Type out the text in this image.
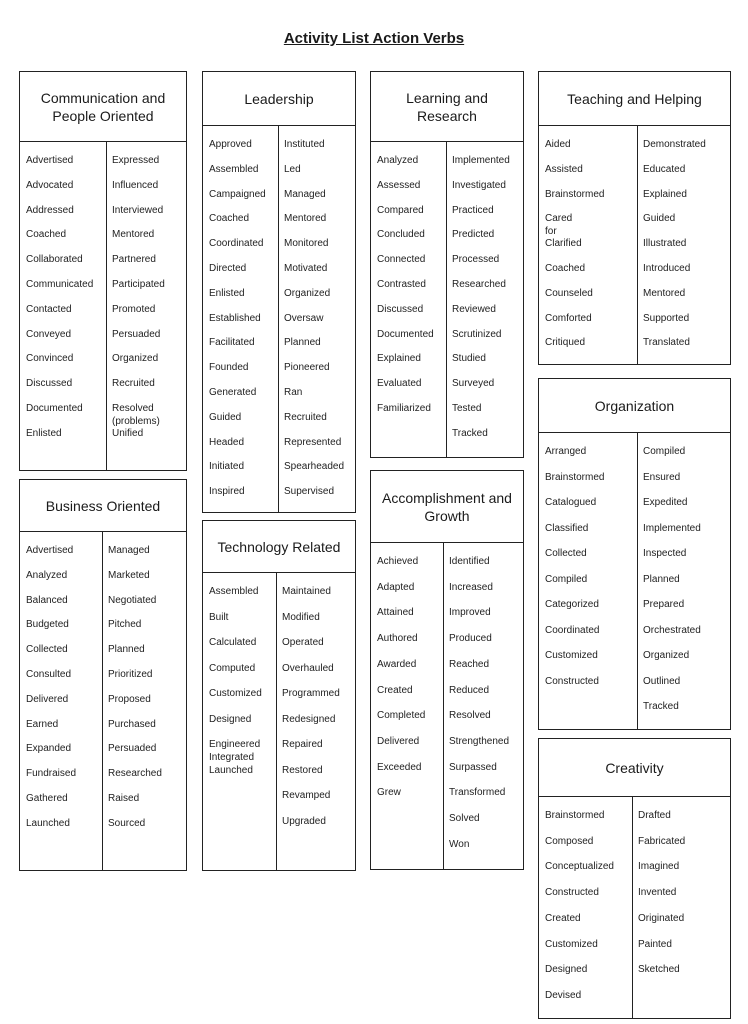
Activity List Action Verbs
Communication and
People Oriented
Advertised
Advocated
Addressed
Coached
Collaborated
Communicated
Contacted
Conveyed
Convinced
Discussed
Documented
Enlisted
Expressed
Influenced
Interviewed
Mentored
Partnered
Participated
Promoted
Persuaded
Organized
Recruited
Resolved
(problems)
Unified
Business Oriented
Advertised
Analyzed
Balanced
Budgeted
Collected
Consulted
Delivered
Earned
Expanded
Fundraised
Gathered
Launched
Managed
Marketed
Negotiated
Pitched
Planned
Prioritized
Proposed
Purchased
Persuaded
Researched
Raised
Sourced
Leadership
Approved
Assembled
Campaigned
Coached
Coordinated
Directed
Enlisted
Established
Facilitated
Founded
Generated
Guided
Headed
Initiated
Inspired
Instituted
Led
Managed
Mentored
Monitored
Motivated
Organized
Oversaw
Planned
Pioneered
Ran
Recruited
Represented
Spearheaded
Supervised
Technology Related
Assembled
Built
Calculated
Computed
Customized
Designed
Engineered
Integrated
Launched
Maintained
Modified
Operated
Overhauled
Programmed
Redesigned
Repaired
Restored
Revamped
Upgraded
Learning and
Research
Analyzed
Assessed
Compared
Concluded
Connected
Contrasted
Discussed
Documented
Explained
Evaluated
Familiarized
Implemented
Investigated
Practiced
Predicted
Processed
Researched
Reviewed
Scrutinized
Studied
Surveyed
Tested
Tracked
Accomplishment and
Growth
Achieved
Adapted
Attained
Authored
Awarded
Created
Completed
Delivered
Exceeded
Grew
Identified
Increased
Improved
Produced
Reached
Reduced
Resolved
Strengthened
Surpassed
Transformed
Solved
Won
Teaching and Helping
Aided
Assisted
Brainstormed
Cared for
Clarified
Coached
Counseled
Comforted
Critiqued
Demonstrated
Educated
Explained
Guided
Illustrated
Introduced
Mentored
Supported
Translated
Organization
Arranged
Brainstormed
Catalogued
Classified
Collected
Compiled
Categorized
Coordinated
Customized
Constructed
Compiled
Ensured
Expedited
Implemented
Inspected
Planned
Prepared
Orchestrated
Organized
Outlined
Tracked
Creativity
Brainstormed
Composed
Conceptualized
Constructed
Created
Customized
Designed
Devised
Drafted
Fabricated
Imagined
Invented
Originated
Painted
Sketched
